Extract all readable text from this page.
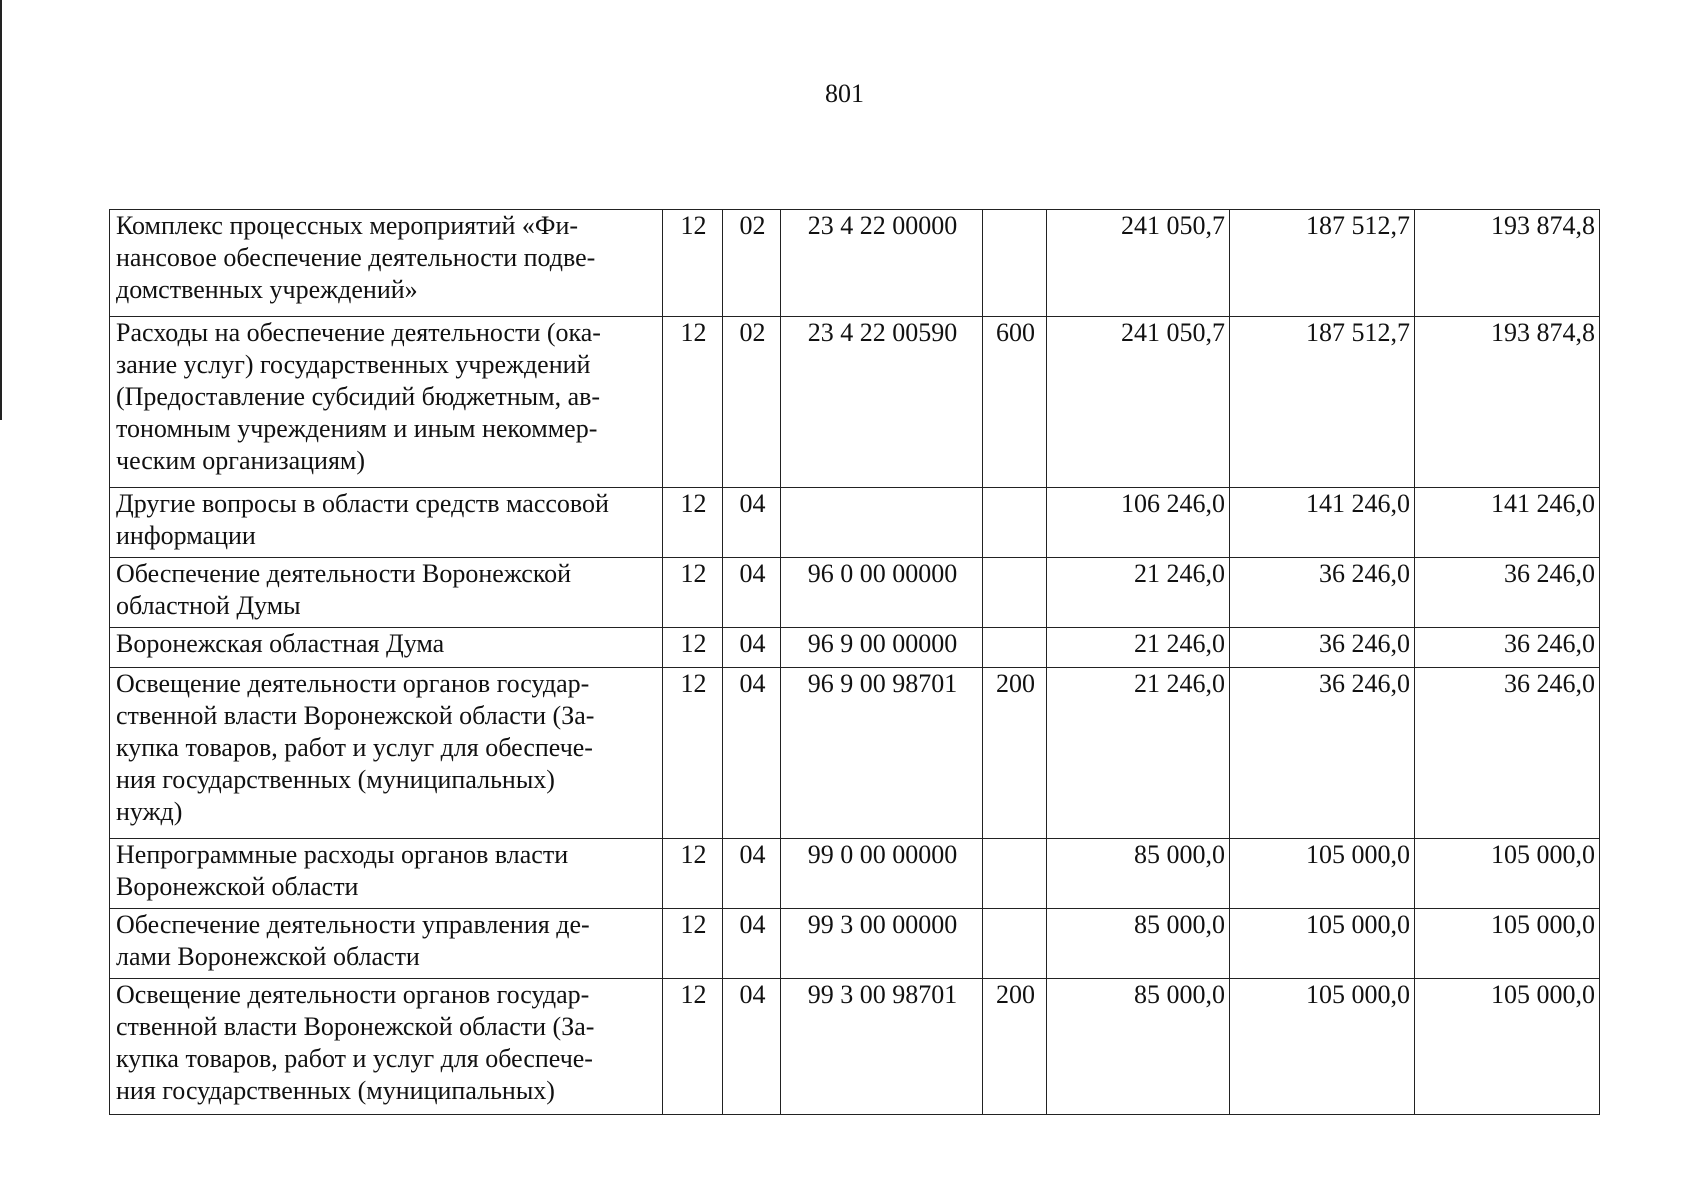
801
Комплекс процессных мероприятий «Фи-
нансовое обеспечение деятельности подве-
домственных учреждений»	12	02	23 4 22 00000		241 050,7	187 512,7	193 874,8

Расходы на обеспечение деятельности (ока-
зание услуг) государственных учреждений
(Предоставление субсидий бюджетным, ав-
тономным учреждениям и иным некоммер-
ческим организациям)	12	02	23 4 22 00590	600	241 050,7	187 512,7	193 874,8

Другие вопросы в области средств массовой
информации	12	04			106 246,0	141 246,0	141 246,0

Обеспечение деятельности Воронежской
областной Думы	12	04	96 0 00 00000		21 246,0	36 246,0	36 246,0

Воронежская областная Дума	12	04	96 9 00 00000		21 246,0	36 246,0	36 246,0

Освещение деятельности органов государ-
ственной власти Воронежской области (За-
купка товаров, работ и услуг для обеспече-
ния государственных (муниципальных)
нужд)	12	04	96 9 00 98701	200	21 246,0	36 246,0	36 246,0

Непрограммные расходы органов власти
Воронежской области	12	04	99 0 00 00000		85 000,0	105 000,0	105 000,0

Обеспечение деятельности управления де-
лами Воронежской области	12	04	99 3 00 00000		85 000,0	105 000,0	105 000,0

Освещение деятельности органов государ-
ственной власти Воронежской области (За-
купка товаров, работ и услуг для обеспече-
ния государственных (муниципальных)	12	04	99 3 00 98701	200	85 000,0	105 000,0	105 000,0
